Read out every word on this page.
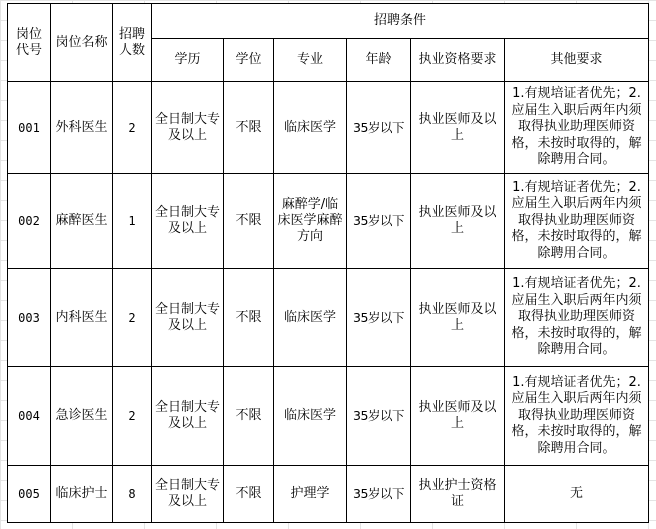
岗位代号	岗位名称	招聘人数	招聘条件					
			学历	学位	专业	年龄	执业资格要求	其他要求
001	外科医生	2	全日制大专及以上	不限	临床医学	35岁以下	执业医师及以上	1.有规培证者优先；2.应届生入职后两年内须取得执业助理医师资格，未按时取得的，解除聘用合同。
002	麻醉医生	1	全日制大专及以上	不限	麻醉学/临床医学麻醉方向	35岁以下	执业医师及以上	1.有规培证者优先；2.应届生入职后两年内须取得执业助理医师资格，未按时取得的，解除聘用合同。
003	内科医生	2	全日制大专及以上	不限	临床医学	35岁以下	执业医师及以上	1.有规培证者优先；2.应届生入职后两年内须取得执业助理医师资格，未按时取得的，解除聘用合同。
004	急诊医生	2	全日制大专及以上	不限	临床医学	35岁以下	执业医师及以上	1.有规培证者优先；2.应届生入职后两年内须取得执业助理医师资格，未按时取得的，解除聘用合同。
005	临床护士	8	全日制大专及以上	不限	护理学	35岁以下	执业护士资格证	无
